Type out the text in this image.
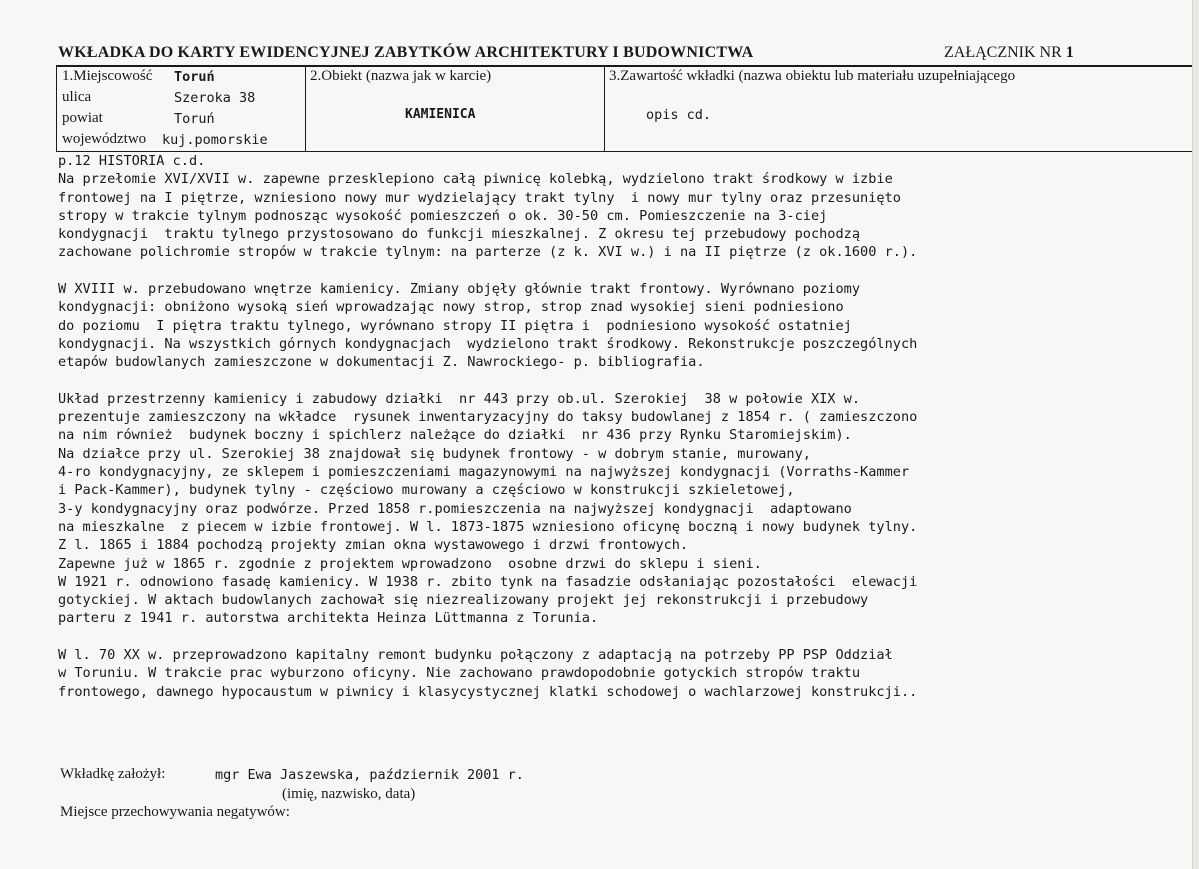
WKŁADKA DO KARTY EWIDENCYJNEJ ZABYTKÓW ARCHITEKTURY I BUDOWNICTWA	ZAŁĄCZNIK NR 1
1.Miejscowość Toruń
ulica	Szeroka 38
powiat	Toruń
województwo kuj.pomorskie
2.Obiekt (nazwa jak w karcie)
KAMIENICA
3.Zawartość wkładki (nazwa obiektu lub materiału uzupełniającego
opis cd.
p.12 HISTORIA c.d.
Na przełomie XVI/XVII w. zapewne przesklepiono całą piwnicę kolebką, wydzielono trakt środkowy w izbie
frontowej na I piętrze, wzniesiono nowy mur wydzielający trakt tylny  i nowy mur tylny oraz przesunięto
stropy w trakcie tylnym podnosząc wysokość pomieszczeń o ok. 30-50 cm. Pomieszczenie na 3-ciej
kondygnacji  traktu tylnego przystosowano do funkcji mieszkalnej. Z okresu tej przebudowy pochodzą
zachowane polichromie stropów w trakcie tylnym: na parterze (z k. XVI w.) i na II piętrze (z ok.1600 r.).
W XVIII w. przebudowano wnętrze kamienicy. Zmiany objęły głównie trakt frontowy. Wyrównano poziomy
kondygnacji: obniżono wysoką sień wprowadzając nowy strop, strop znad wysokiej sieni podniesiono
do poziomu  I piętra traktu tylnego, wyrównano stropy II piętra i  podniesiono wysokość ostatniej
kondygnacji. Na wszystkich górnych kondygnacjach  wydzielono trakt środkowy. Rekonstrukcje poszczególnych
etapów budowlanych zamieszczone w dokumentacji Z. Nawrockiego- p. bibliografia.
Układ przestrzenny kamienicy i zabudowy działki  nr 443 przy ob.ul. Szerokiej  38 w połowie XIX w.
prezentuje zamieszczony na wkładce  rysunek inwentaryzacyjny do taksy budowlanej z 1854 r. ( zamieszczono
na nim również  budynek boczny i spichlerz należące do działki  nr 436 przy Rynku Staromiejskim).
Na działce przy ul. Szerokiej 38 znajdował się budynek frontowy - w dobrym stanie, murowany,
4-ro kondygnacyjny, ze sklepem i pomieszczeniami magazynowymi na najwyższej kondygnacji (Vorraths-Kammer
i Pack-Kammer), budynek tylny - częściowo murowany a częściowo w konstrukcji szkieletowej,
3-y kondygnacyjny oraz podwórze. Przed 1858 r.pomieszczenia na najwyższej kondygnacji  adaptowano
na mieszkalne  z piecem w izbie frontowej. W l. 1873-1875 wzniesiono oficynę boczną i nowy budynek tylny.
Z l. 1865 i 1884 pochodzą projekty zmian okna wystawowego i drzwi frontowych.
Zapewne już w 1865 r. zgodnie z projektem wprowadzono  osobne drzwi do sklepu i sieni.
W 1921 r. odnowiono fasadę kamienicy. W 1938 r. zbito tynk na fasadzie odsłaniając pozostałości  elewacji
gotyckiej. W aktach budowlanych zachował się niezrealizowany projekt jej rekonstrukcji i przebudowy
parteru z 1941 r. autorstwa architekta Heinza Lüttmanna z Torunia.
W l. 70 XX w. przeprowadzono kapitalny remont budynku połączony z adaptacją na potrzeby PP PSP Oddział
w Toruniu. W trakcie prac wyburzono oficyny. Nie zachowano prawdopodobnie gotyckich stropów traktu
frontowego, dawnego hypocaustum w piwnicy i klasycystycznej klatki schodowej o wachlarzowej konstrukcji..
Wkładkę założył:	mgr Ewa Jaszewska, październik 2001 r.
(imię, nazwisko, data)
Miejsce przechowywania negatywów:
